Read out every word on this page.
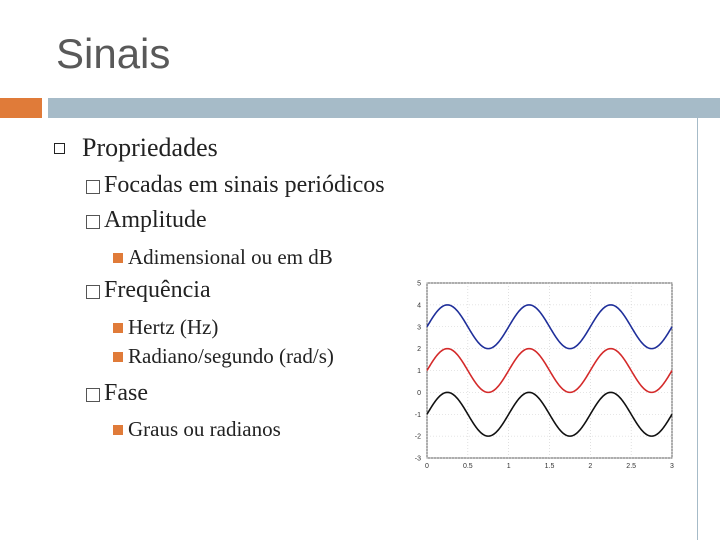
Sinais
Propriedades
Focadas em sinais periódicos
Amplitude
Adimensional ou em dB
Frequência
Hertz (Hz)
Radiano/segundo (rad/s)
Fase
Graus ou radianos
0	0.5	1	1.5	2	2.5	3
5
4
3
2
1
0
-1
-2
-3
